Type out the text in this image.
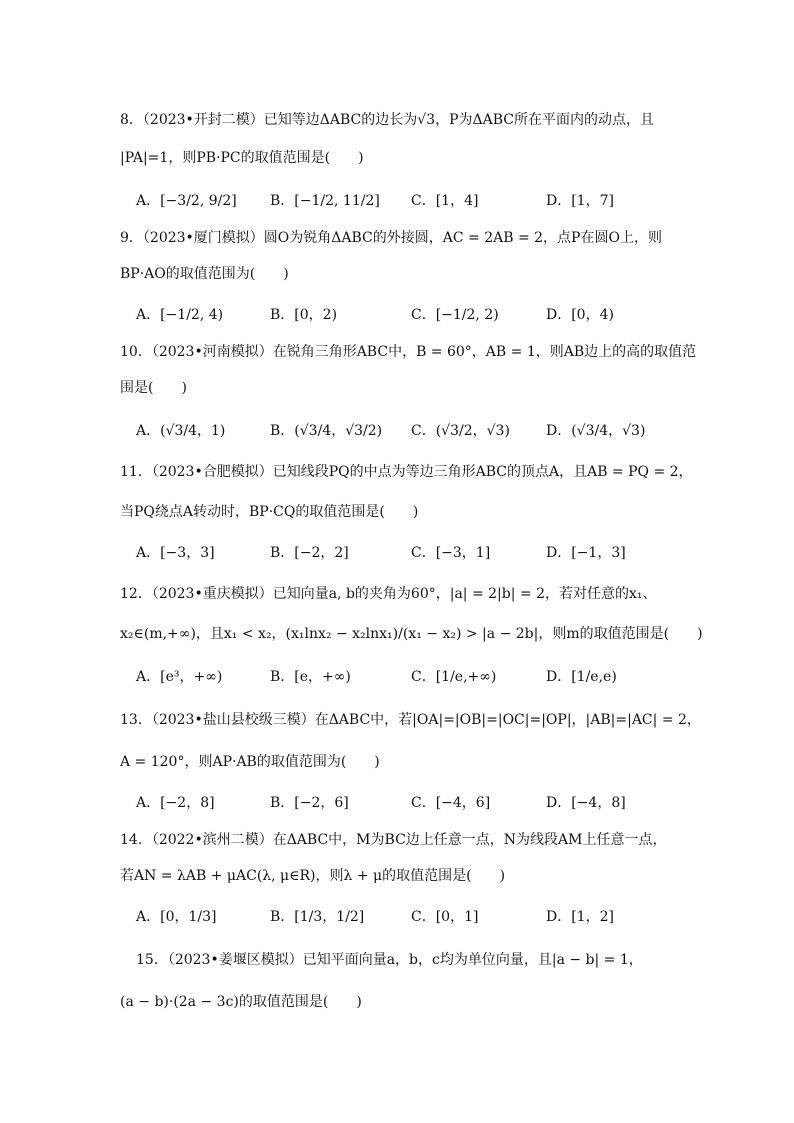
8．（2023•开封二模）已知等边ΔABC的边长为√3，P为ΔABC所在平面内的动点，且
|PA|=1，则PB·PC的取值范围是(　　)
A．[−3/2, 9/2] B．[−1/2, 11/2] C．[1，4]	D．[1，7]
9．（2023•厦门模拟）圆O为锐角ΔABC的外接圆，AC = 2AB = 2，点P在圆O上，则
BP·AO的取值范围为(　　)
A．[−1/2, 4)	B．[0，2)	C．[−1/2, 2)	D．[0，4)
10．（2023•河南模拟）在锐角三角形ABC中，B = 60°，AB = 1，则AB边上的高的取值范
围是(　　)
A．(√3/4，1)	B．(√3/4，√3/2) C．(√3/2，√3)	D．(√3/4，√3)
11．（2023•合肥模拟）已知线段PQ的中点为等边三角形ABC的顶点A，且AB = PQ = 2，
当PQ绕点A转动时，BP·CQ的取值范围是(　　)
A．[−3，3]	B．[−2，2]	C．[−3，1]	D．[−1，3]
12．（2023•重庆模拟）已知向量a, b的夹角为60°，|a| = 2|b| = 2，若对任意的x₁、
x₂∈(m,+∞)，且x₁ < x₂，(x₁lnx₂ − x₂lnx₁)/(x₁ − x₂) > |a − 2b|，则m的取值范围是(　　)
A．[e³，+∞)	B．[e，+∞)	C．[1/e,+∞)	D．[1/e,e)
13．（2023•盐山县校级三模）在ΔABC中，若|OA|=|OB|=|OC|=|OP|，|AB|=|AC| = 2，
A = 120°，则AP·AB的取值范围为(　　)
A．[−2，8]	B．[−2，6]	C．[−4，6]	D．[−4，8]
14．（2022•滨州二模）在ΔABC中，M为BC边上任意一点，N为线段AM上任意一点，
若AN = λAB + μAC(λ, μ∈R)，则λ + μ的取值范围是(　　)
A．[0，1/3]	B．[1/3，1/2]	C．[0，1]	D．[1，2]
15．（2023•姜堰区模拟）已知平面向量a，b，c均为单位向量，且|a − b| = 1，
(a − b)·(2a − 3c)的取值范围是(　　)
